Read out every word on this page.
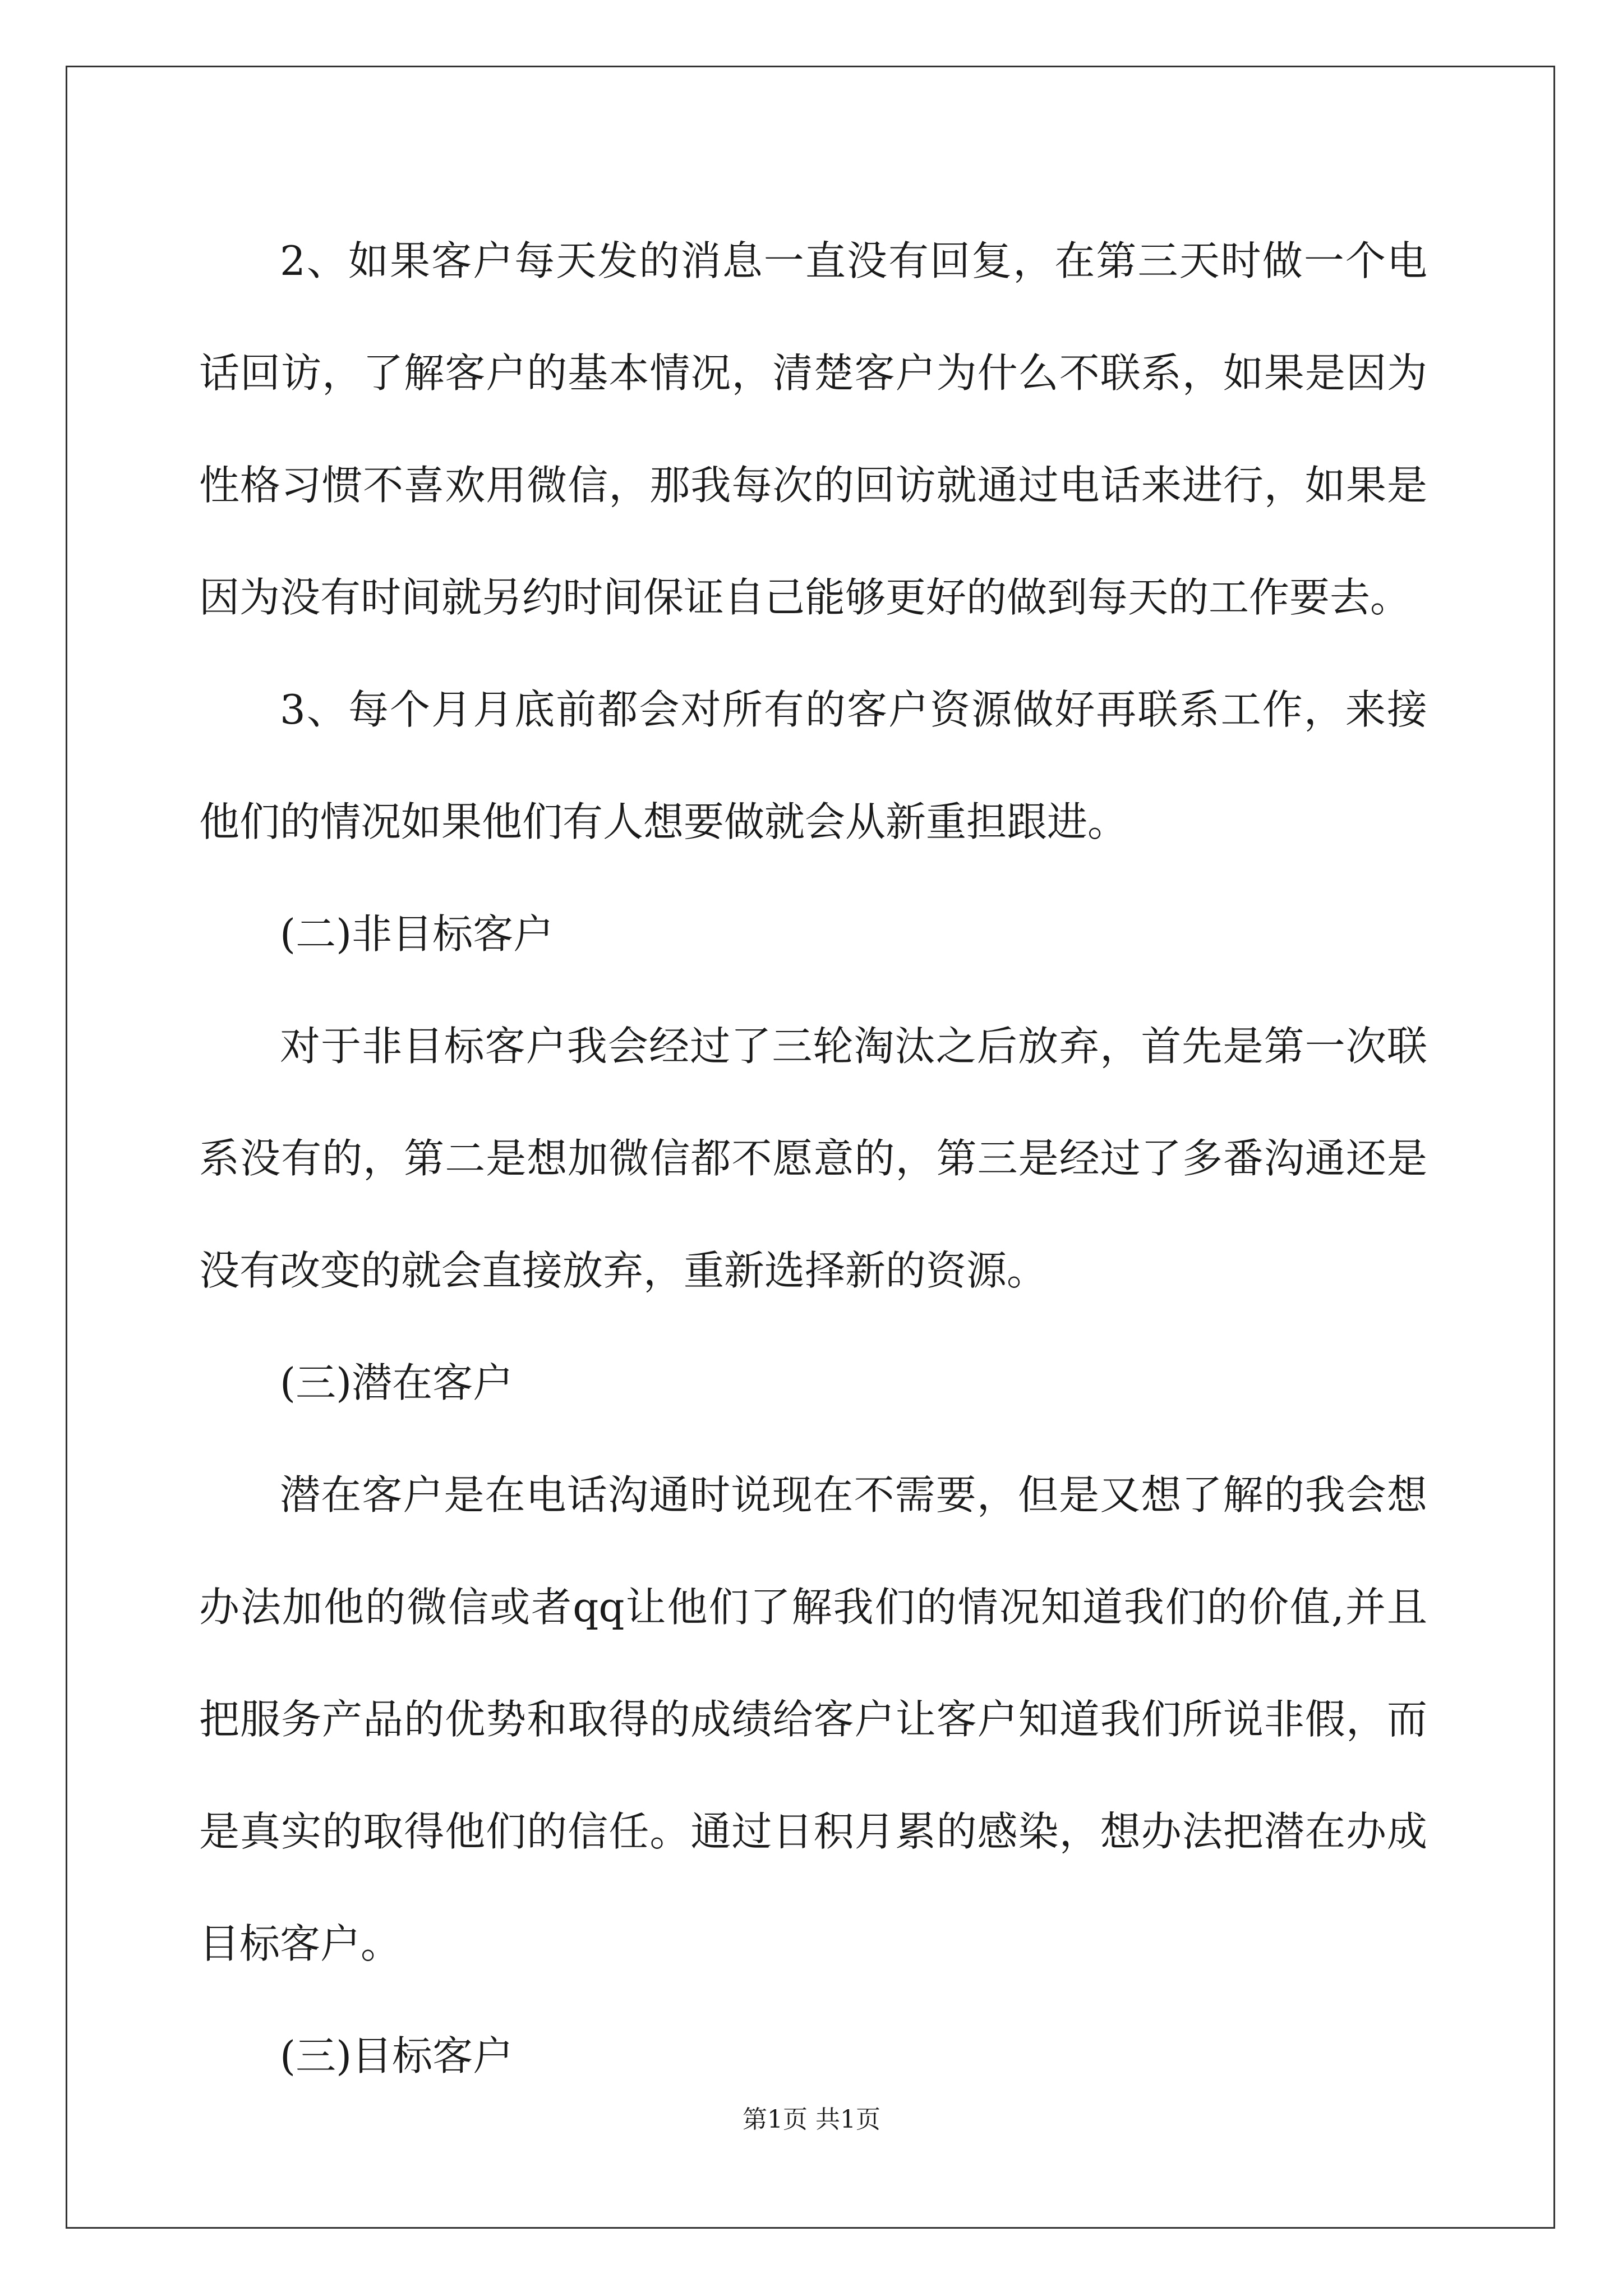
2、如果客户每天发的消息一直没有回复，在第三天时做一个电话回访，了解客户的基本情况，清楚客户为什么不联系，如果是因为性格习惯不喜欢用微信，那我每次的回访就通过电话来进行，如果是因为没有时间就另约时间保证自己能够更好的做到每天的工作要去。

3、每个月月底前都会对所有的客户资源做好再联系工作，来接他们的情况如果他们有人想要做就会从新重担跟进。

(二)非目标客户

对于非目标客户我会经过了三轮淘汰之后放弃，首先是第一次联系没有的，第二是想加微信都不愿意的，第三是经过了多番沟通还是没有改变的就会直接放弃，重新选择新的资源。

(三)潜在客户

潜在客户是在电话沟通时说现在不需要，但是又想了解的我会想办法加他的微信或者qq让他们了解我们的情况知道我们的价值,并且把服务产品的优势和取得的成绩给客户让客户知道我们所说非假，而是真实的取得他们的信任。通过日积月累的感染，想办法把潜在办成目标客户。

(三)目标客户

第1页 共1页
